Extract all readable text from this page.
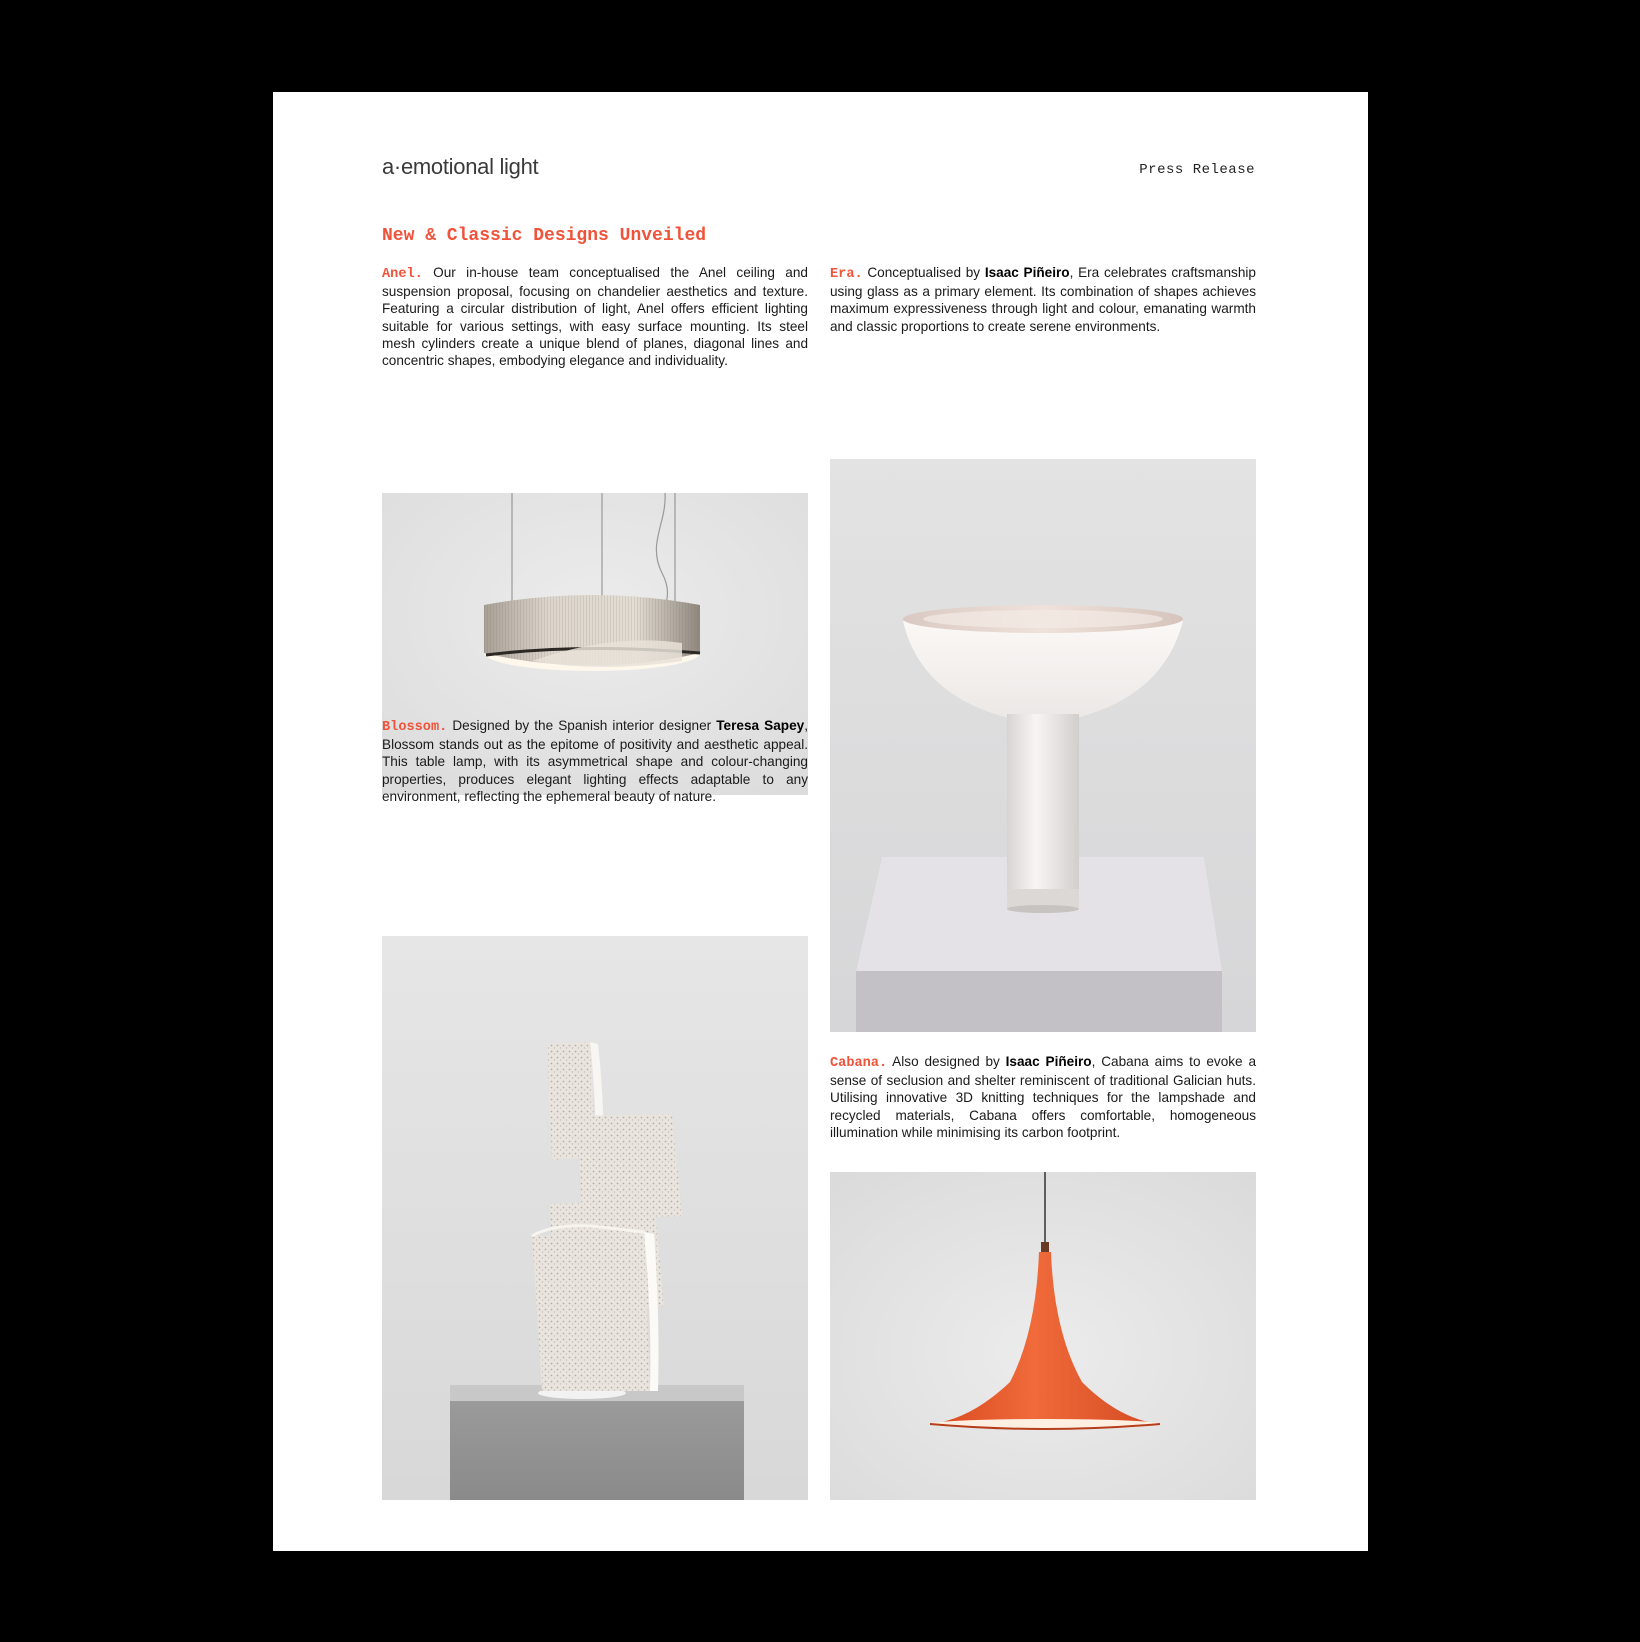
a·emotional light	Press Release
New & Classic Designs Unveiled

Anel. Our in-house team conceptualised the Anel ceiling and suspension proposal, focusing on chandelier aesthetics and texture. Featuring a circular distribution of light, Anel offers efficient lighting suitable for various settings, with easy surface mounting. Its steel mesh cylinders create a unique blend of planes, diagonal lines and concentric shapes, embodying elegance and individuality.

Blossom. Designed by the Spanish interior designer Teresa Sapey, Blossom stands out as the epitome of positivity and aesthetic appeal. This table lamp, with its asymmetrical shape and colour-changing properties, produces elegant lighting effects adaptable to any environment, reflecting the ephemeral beauty of nature.

Era. Conceptualised by Isaac Piñeiro, Era celebrates craftsmanship using glass as a primary element. Its combination of shapes achieves maximum expressiveness through light and colour, emanating warmth and classic proportions to create serene environments.

Cabana. Also designed by Isaac Piñeiro, Cabana aims to evoke a sense of seclusion and shelter reminiscent of traditional Galician huts. Utilising innovative 3D knitting techniques for the lampshade and recycled materials, Cabana offers comfortable, homogeneous illumination while minimising its carbon footprint.
